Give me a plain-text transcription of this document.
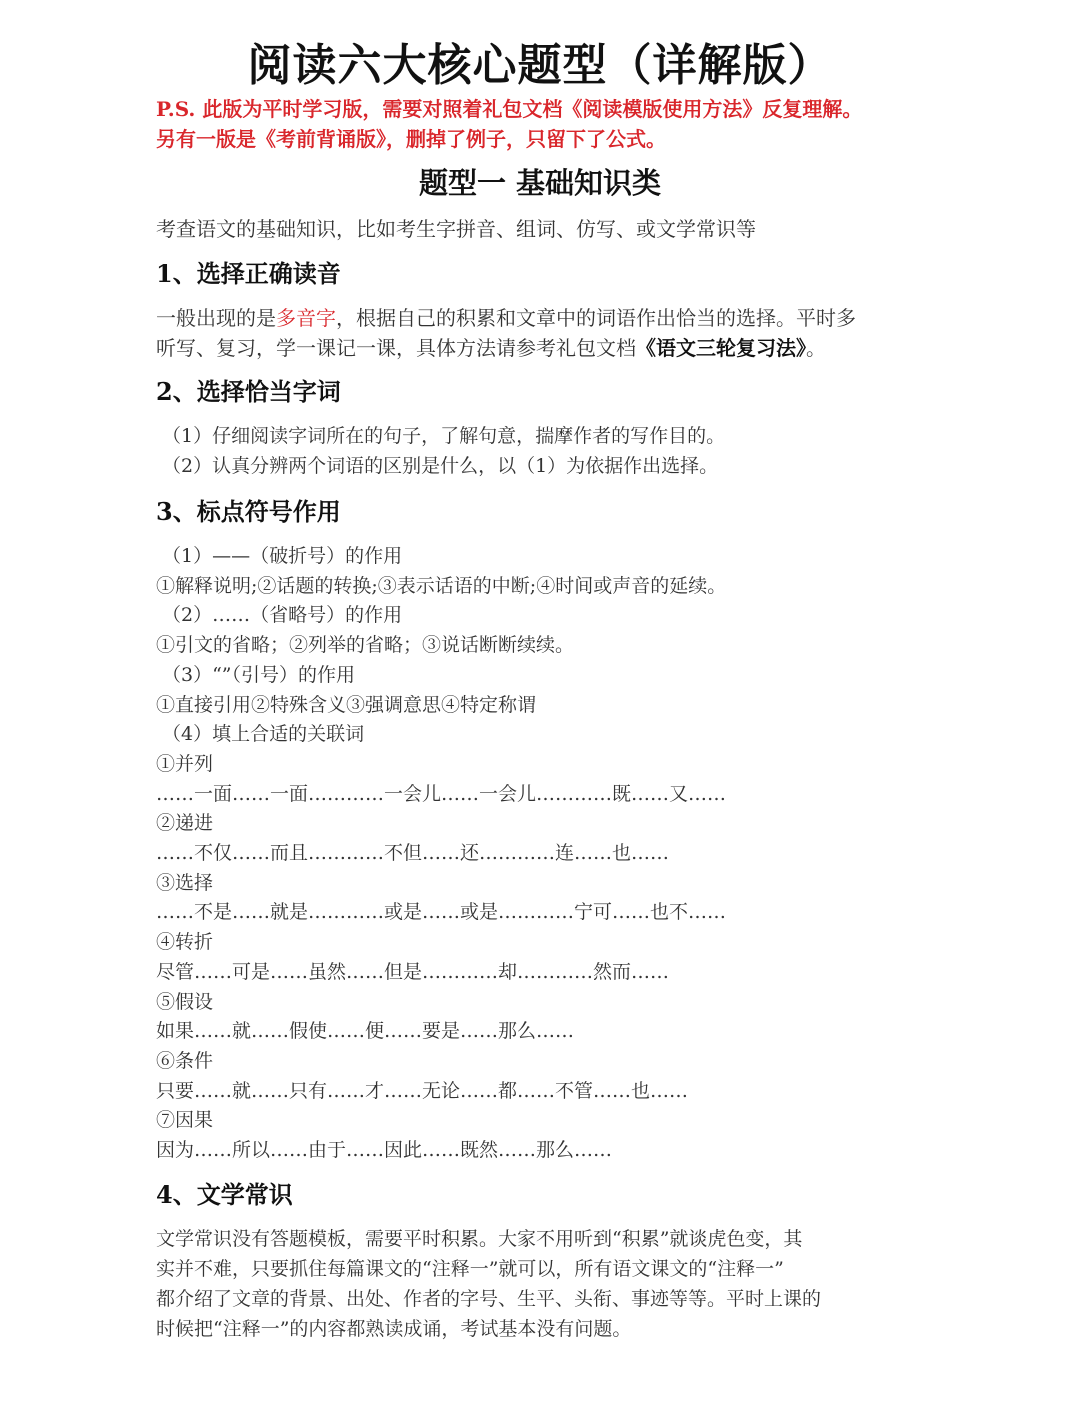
阅读六大核心题型（详解版）
P.S. 此版为平时学习版，需要对照着礼包文档《阅读模版使用方法》反复理解。
另有一版是《考前背诵版》，删掉了例子，只留下了公式。
题型一 基础知识类

考查语文的基础知识，比如考生字拼音、组词、仿写、或文学常识等

1、选择正确读音

一般出现的是多音字，根据自己的积累和文章中的词语作出恰当的选择。平时多

听写、复习，学一课记一课，具体方法请参考礼包文档《语文三轮复习法》。

2、选择恰当字词
（1）仔细阅读字词所在的句子，了解句意，揣摩作者的写作目的。
（2）认真分辨两个词语的区别是什么，以（1）为依据作出选择。
3、标点符号作用
（1）——（破折号）的作用
①解释说明;②话题的转换;③表示话语的中断;④时间或声音的延续。
（2）……（省略号）的作用
①引文的省略；②列举的省略；③说话断断续续。
（3）“”（引号）的作用
①直接引用②特殊含义③强调意思④特定称谓
（4）填上合适的关联词
①并列
……一面……一面…………一会儿……一会儿…………既……又……
②递进
……不仅……而且…………不但……还…………连……也……
③选择
……不是……就是…………或是……或是…………宁可……也不……
④转折
尽管……可是……虽然……但是…………却…………然而……
⑤假设
如果……就……假使……便……要是……那么……
⑥条件
只要……就……只有……才……无论……都……不管……也……
⑦因果
因为……所以……由于……因此……既然……那么……
4、文学常识
文学常识没有答题模板，需要平时积累。大家不用听到“积累”就谈虎色变，其
实并不难，只要抓住每篇课文的“注释一”就可以，所有语文课文的“注释一”
都介绍了文章的背景、出处、作者的字号、生平、头衔、事迹等等。平时上课的
时候把“注释一”的内容都熟读成诵，考试基本没有问题。
